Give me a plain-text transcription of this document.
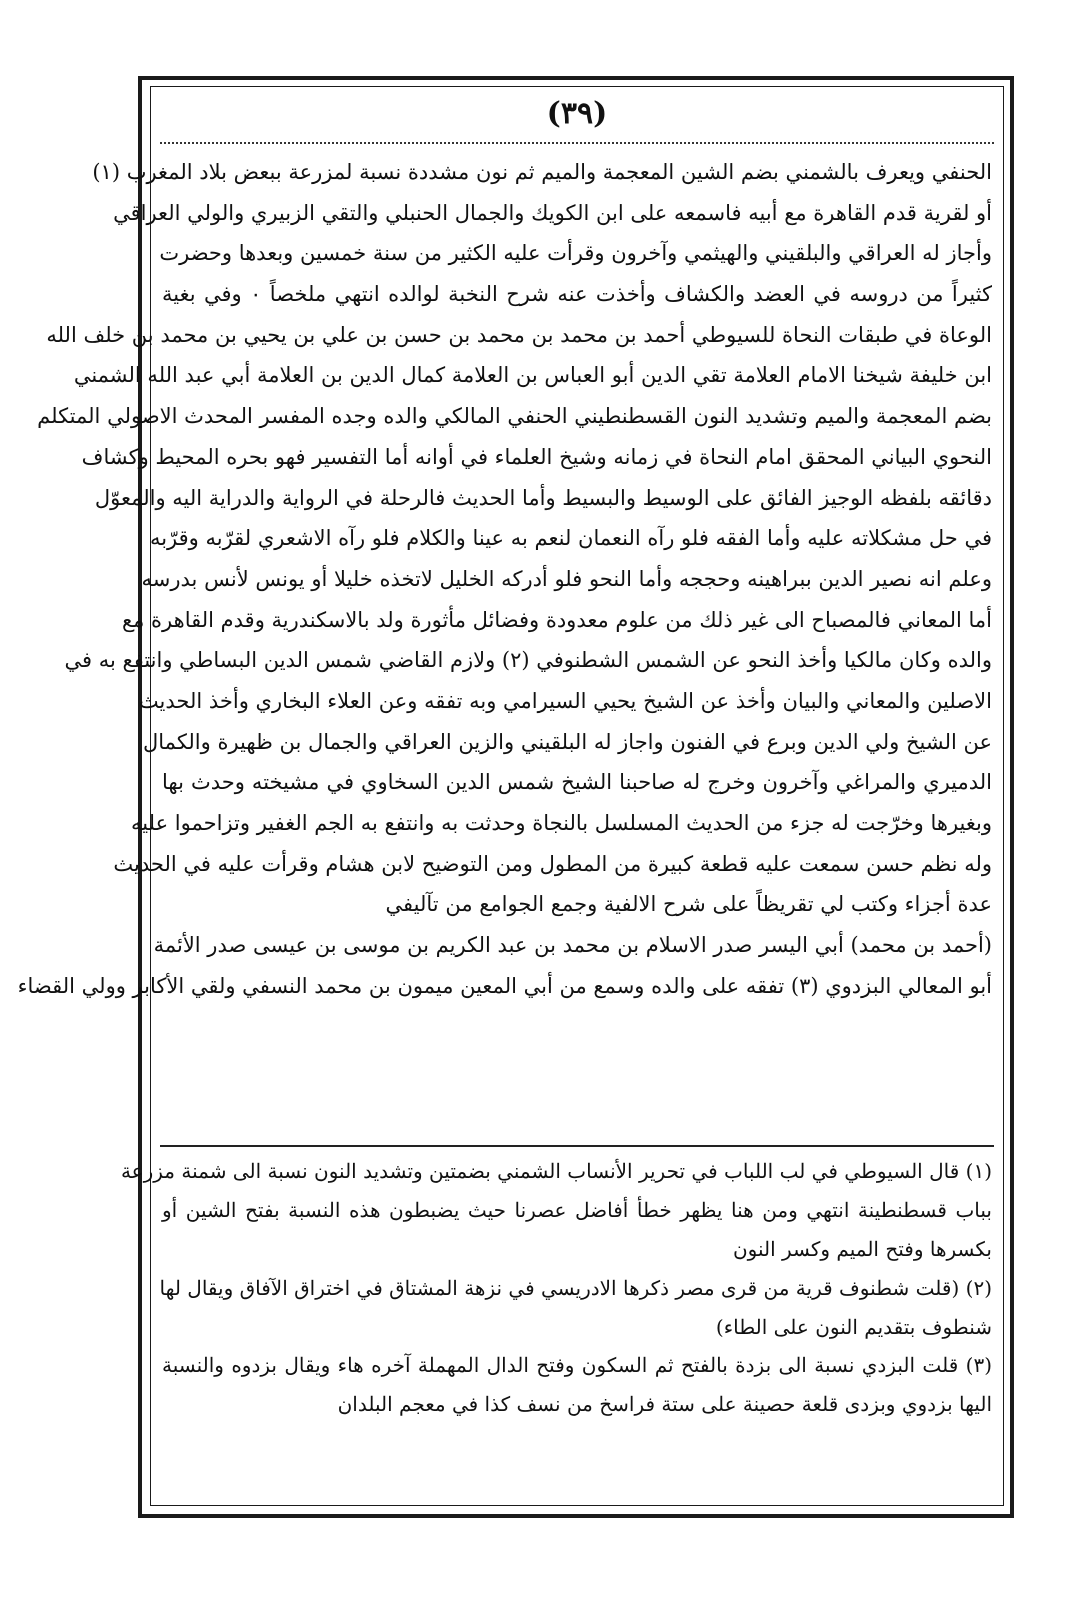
(٣٩)
الحنفي ويعرف بالشمني بضم الشين المعجمة والميم ثم نون مشددة نسبة لمزرعة ببعض بلاد المغرب (١)
أو لقرية قدم القاهرة مع أبيه فاسمعه على ابن الكويك والجمال الحنبلي والتقي الزبيري والولي العراقي
وأجاز له العراقي والبلقيني والهيثمي وآخرون وقرأت عليه الكثير من سنة خمسين وبعدها وحضرت
كثيراً من دروسه في العضد والكشاف وأخذت عنه شرح النخبة لوالده انتهي ملخصاً ٠ وفي بغية
الوعاة في طبقات النحاة للسيوطي أحمد بن محمد بن محمد بن حسن بن علي بن يحيي بن محمد بن خلف الله
ابن خليفة شيخنا الامام العلامة تقي الدين أبو العباس بن العلامة كمال الدين بن العلامة أبي عبد الله الشمني
بضم المعجمة والميم وتشديد النون القسطنطيني الحنفي المالكي والده وجده المفسر المحدث الاصولي المتكلم
النحوي البياني المحقق امام النحاة في زمانه وشيخ العلماء في أوانه أما التفسير فهو بحره المحيط وكشاف
دقائقه بلفظه الوجيز الفائق على الوسيط والبسيط وأما الحديث فالرحلة في الرواية والدراية اليه والمعوّل
في حل مشكلاته عليه وأما الفقه فلو رآه النعمان لنعم به عينا والكلام فلو رآه الاشعري لقرّبه وقرّبه
وعلم انه نصير الدين ببراهينه وحججه وأما النحو فلو أدركه الخليل لاتخذه خليلا أو يونس لأنس بدرسه
أما المعاني فالمصباح الى غير ذلك من علوم معدودة وفضائل مأثورة ولد بالاسكندرية وقدم القاهرة مع
والده وكان مالكيا وأخذ النحو عن الشمس الشطنوفي (٢) ولازم القاضي شمس الدين البساطي وانتفع به في
الاصلين والمعاني والبيان وأخذ عن الشيخ يحيي السيرامي وبه تفقه وعن العلاء البخاري وأخذ الحديث
عن الشيخ ولي الدين وبرع في الفنون واجاز له البلقيني والزين العراقي والجمال بن ظهيرة والكمال
الدميري والمراغي وآخرون وخرج له صاحبنا الشيخ شمس الدين السخاوي في مشيخته وحدث بها
وبغيرها وخرّجت له جزء من الحديث المسلسل بالنجاة وحدثت به وانتفع به الجم الغفير وتزاحموا عليه
وله نظم حسن سمعت عليه قطعة كبيرة من المطول ومن التوضيح لابن هشام وقرأت عليه في الحديث
عدة أجزاء وكتب لي تقريظاً على شرح الالفية وجمع الجوامع من تآليفي
(أحمد بن محمد) أبي اليسر صدر الاسلام بن محمد بن عبد الكريم بن موسى بن عيسى صدر الأئمة
أبو المعالي البزدوي (٣) تفقه على والده وسمع من أبي المعين ميمون بن محمد النسفي ولقي الأكابر وولي القضاء
(١) قال السيوطي في لب اللباب في تحرير الأنساب الشمني بضمتين وتشديد النون نسبة الى شمنة مزرعة
بباب قسطنطينة انتهي ومن هنا يظهر خطأ أفاضل عصرنا حيث يضبطون هذه النسبة بفتح الشين أو
بكسرها وفتح الميم وكسر النون
(٢) (قلت شطنوف قرية من قرى مصر ذكرها الادريسي في نزهة المشتاق في اختراق الآفاق ويقال لها
شنطوف بتقديم النون على الطاء)
(٣) قلت البزدي نسبة الى بزدة بالفتح ثم السكون وفتح الدال المهملة آخره هاء ويقال بزدوه والنسبة
اليها بزدوي وبزدى قلعة حصينة على ستة فراسخ من نسف كذا في معجم البلدان
